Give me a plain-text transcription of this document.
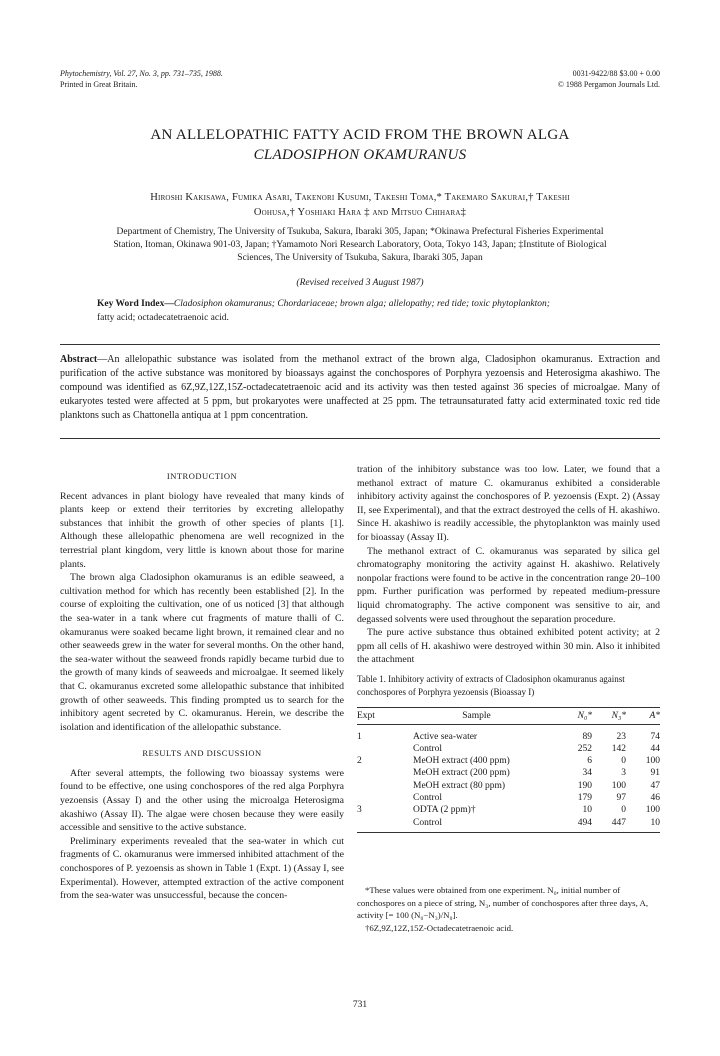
Phytochemistry, Vol. 27, No. 3, pp. 731–735, 1988.
Printed in Great Britain.
0031-9422/88 $3.00 + 0.00
© 1988 Pergamon Journals Ltd.
AN ALLELOPATHIC FATTY ACID FROM THE BROWN ALGA
CLADOSIPHON OKAMURANUS
Hiroshi Kakisawa, Fumika Asari, Takenori Kusumi, Takeshi Toma,* Takemaro Sakurai,† Takeshi
Oohusa,† Yoshiaki Hara ‡ and Mitsuo Chihara‡
Department of Chemistry, The University of Tsukuba, Sakura, Ibaraki 305, Japan; *Okinawa Prefectural Fisheries Experimental
Station, Itoman, Okinawa 901-03, Japan; †Yamamoto Nori Research Laboratory, Oota, Tokyo 143, Japan; ‡Institute of Biological
Sciences, The University of Tsukuba, Sakura, Ibaraki 305, Japan
(Revised received 3 August 1987)
Key Word Index—Cladosiphon okamuranus; Chordariaceae; brown alga; allelopathy; red tide; toxic phytoplankton;
fatty acid; octadecatetraenoic acid.
Abstract—An allelopathic substance was isolated from the methanol extract of the brown alga, Cladosiphon okamuranus. Extraction and purification of the active substance was monitored by bioassays against the conchospores of Porphyra yezoensis and Heterosigma akashiwo. The compound was identified as 6Z,9Z,12Z,15Z-octadecatetraenoic acid and its activity was then tested against 36 species of microalgae. Many of eukaryotes tested were affected at 5 ppm, but prokaryotes were unaffected at 25 ppm. The tetraunsaturated fatty acid exterminated toxic red tide planktons such as Chattonella antiqua at 1 ppm concentration.
INTRODUCTION

Recent advances in plant biology have revealed that many kinds of plants keep or extend their territories by excreting allelopathy substances that inhibit the growth of other species of plants [1]. Although these allelopathic phenomena are well recognized in the terrestrial plant kingdom, very little is known about those for marine plants.

The brown alga Cladosiphon okamuranus is an edible seaweed, a cultivation method for which has recently been established [2]. In the course of exploiting the cultivation, one of us noticed [3] that although the sea-water in a tank where cut fragments of mature thalli of C. okamuranus were soaked became light brown, it remained clear and no other seaweeds grew in the water for several months. On the other hand, the sea-water without the seaweed fronds rapidly became turbid due to the growth of many kinds of seaweeds and microalgae. It seemed likely that C. okamuranus excreted some allelopathic substance that inhibited growth of other seaweeds. This finding prompted us to search for the inhibitory agent secreted by C. okamuranus. Herein, we describe the isolation and identification of the allelopathic substance.

RESULTS AND DISCUSSION

After several attempts, the following two bioassay systems were found to be effective, one using conchospores of the red alga Porphyra yezoensis (Assay I) and the other using the microalga Heterosigma akashiwo (Assay II). The algae were chosen because they were easily accessible and sensitive to the active substance.

Preliminary experiments revealed that the sea-water in which cut fragments of C. okamuranus were immersed inhibited attachment of the conchospores of P. yezoensis as shown in Table 1 (Expt. 1) (Assay I, see Experimental). However, attempted extraction of the active component from the sea-water was unsuccessful, because the concen-

tration of the inhibitory substance was too low. Later, we found that a methanol extract of mature C. okamuranus exhibited a considerable inhibitory activity against the conchospores of P. yezoensis (Expt. 2) (Assay II, see Experimental), and that the extract destroyed the cells of H. akashiwo. Since H. akashiwo is readily accessible, the phytoplankton was mainly used for bioassay (Assay II).

The methanol extract of C. okamuranus was separated by silica gel chromatography monitoring the activity against H. akashiwo. Relatively nonpolar fractions were found to be active in the concentration range 20–100 ppm. Further purification was performed by repeated medium-pressure liquid chromatography. The active component was sensitive to air, and degassed solvents were used throughout the separation procedure.

The pure active substance thus obtained exhibited potent activity; at 2 ppm all cells of H. akashiwo were destroyed within 30 min. Also it inhibited the attachment

Table 1. Inhibitory activity of extracts of Cladosiphon okamuranus against conchospores of Porphyra yezoensis (Bioassay I)
Expt	Sample	N₀*	N₃*	A*

1	Active sea-water	89	23	74
	Control	252	142	44
2	MeOH extract (400 ppm)	6	0	100
	MeOH extract (200 ppm)	34	3	91
	MeOH extract (80 ppm)	190	100	47
	Control	179	97	46
3	ODTA (2 ppm)†	10	0	100
	Control	494	447	10
*These values were obtained from one experiment. N₀, initial number of conchospores on a piece of string, N₃, number of conchospores after three days, A, activity [= 100 (N₀−N₃)/N₀].
†6Z,9Z,12Z,15Z-Octadecatetraenoic acid.
731
